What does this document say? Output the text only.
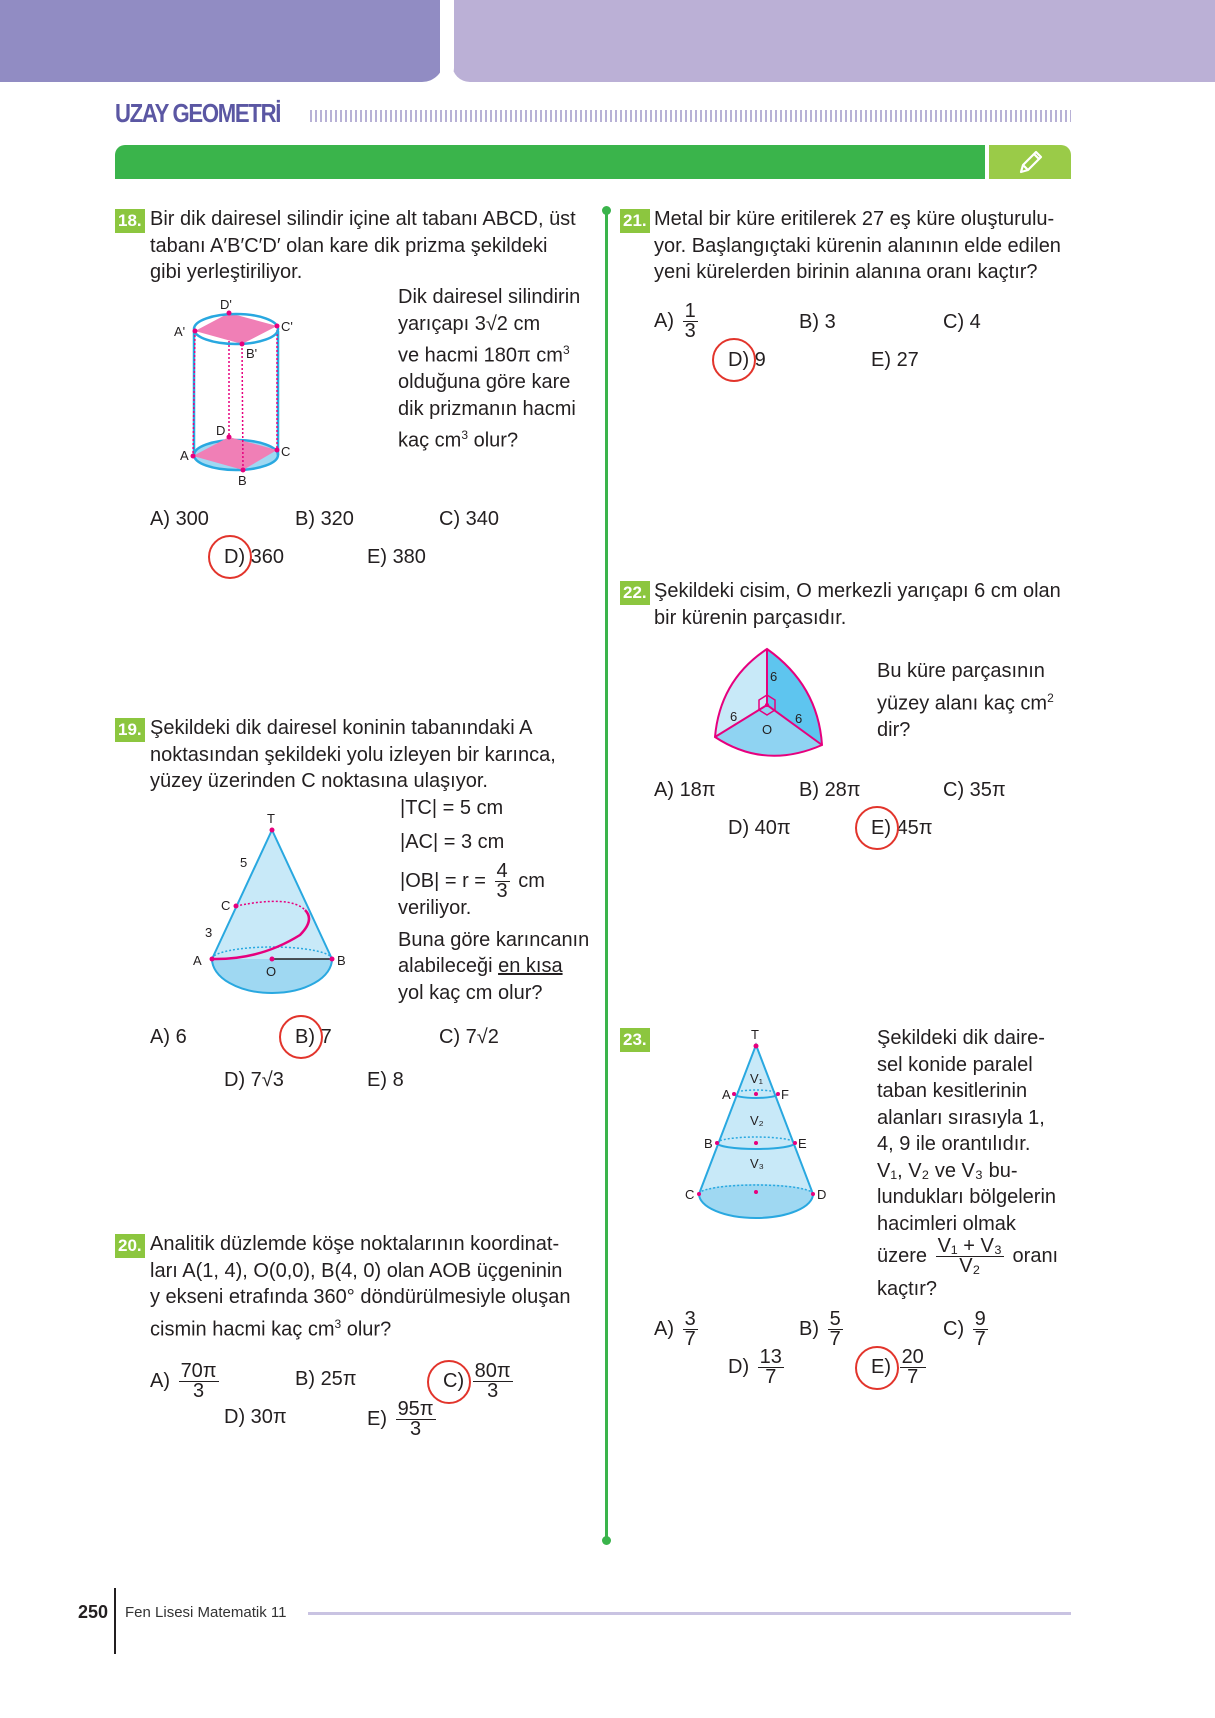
UZAY GEOMETRİ
18. Bir dik dairesel silindir içine alt tabanı ABCD, üst
tabanı A′B′C′D′ olan kare dik prizma şekildeki
gibi yerleştiriliyor.
Dik dairesel silindirin
yarıçapı 3√2 cm
ve hacmi 180π $cm^3$
olduğuna göre kare
dik prizmanın hacmi
kaç $cm^3$ olur?
D'
A'	C'
B'
D
A	C
B
A) 300	B) 320	C) 340
D) 360	E) 380
19. Şekildeki dik dairesel koninin tabanındaki A
noktasından şekildeki yolu izleyen bir karınca,
yüzey üzerinden C noktasına ulaşıyor.
|TC| = 5 cm
|AC| = 3 cm
$|OB| = r = \frac{4}{3}$ cm
veriliyor.
Buna göre karıncanın
alabileceği en kısa
yol kaç cm olur?
T
5
C
3
A
O
B
A) 6	B) 7	C) 7√2
D) 7√3	E) 8
20. Analitik düzlemde köşe noktalarının koordinat-
ları A(1, 4), O(0,0), B(4, 0) olan AOB üçgeninin
y ekseni etrafında 360° döndürülmesiyle oluşan
cismin hacmi kaç $cm^3$ olur?
$A) \frac{70\pi}{3}$	B) 25π	$C) \frac{80\pi}{3}$
D) 30π	$E) \frac{95\pi}{3}$
21. Metal bir küre eritilerek 27 eş küre oluşturulu-
yor. Başlangıçtaki kürenin alanının elde edilen
yeni kürelerden birinin alanına oranı kaçtır?
$A) \frac{1}{3}$	B) 3	C) 4
D) 9	E) 27
22. Şekildeki cisim, O merkezli yarıçapı 6 cm olan
bir kürenin parçasıdır.
6
6	6
O
Bu küre parçasının
yüzey alanı kaç $cm^2$
dir?
A) 18π	B) 28π	C) 35π
D) 40π	E) 45π
23.	T
A	F
V₁
V₂
B	E
V₃
C	D
Şekildeki dik daire-
sel konide paralel
taban kesitlerinin
alanları sırasıyla 1,
4, 9 ile orantılıdır.
V₁, V₂ ve V₃ bu-
lundukları bölgelerin
hacimleri olmak
üzere $\frac{\text{V₁ + V₃}}{\text{V₂}}$ oranı
kaçtır?
$A) \frac{3}{7}$	$B) \frac{5}{7}$	$C) \frac{9}{7}$
$D) \frac{13}{7}$	$E) \frac{20}{7}$
250 Fen Lisesi Matematik 11
